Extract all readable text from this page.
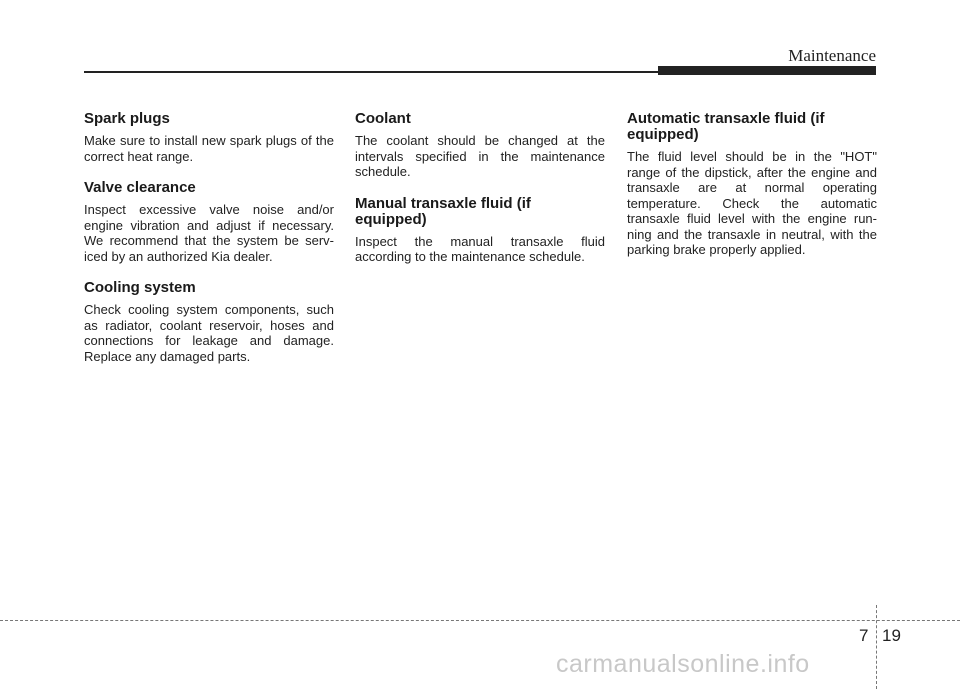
Maintenance
Spark plugs

Make sure to install new spark plugs of the correct heat range.

Valve clearance

Inspect excessive valve noise and/or engine vibration and adjust if necessary. We recommend that the system be serv-iced by an authorized Kia dealer.

Cooling system

Check cooling system components, such as radiator, coolant reservoir, hoses and connections for leakage and damage. Replace any damaged parts.

Coolant

The coolant should be changed at the intervals specified in the maintenance schedule.

Manual transaxle fluid (if equipped)

Inspect the manual transaxle fluid according to the maintenance schedule.

Automatic transaxle fluid (if equipped)

The fluid level should be in the "HOT" range of the dipstick, after the engine and transaxle are at normal operating temperature. Check the automatic transaxle fluid level with the engine run-ning and the transaxle in neutral, with the parking brake properly applied.

7 19
carmanualsonline.info
